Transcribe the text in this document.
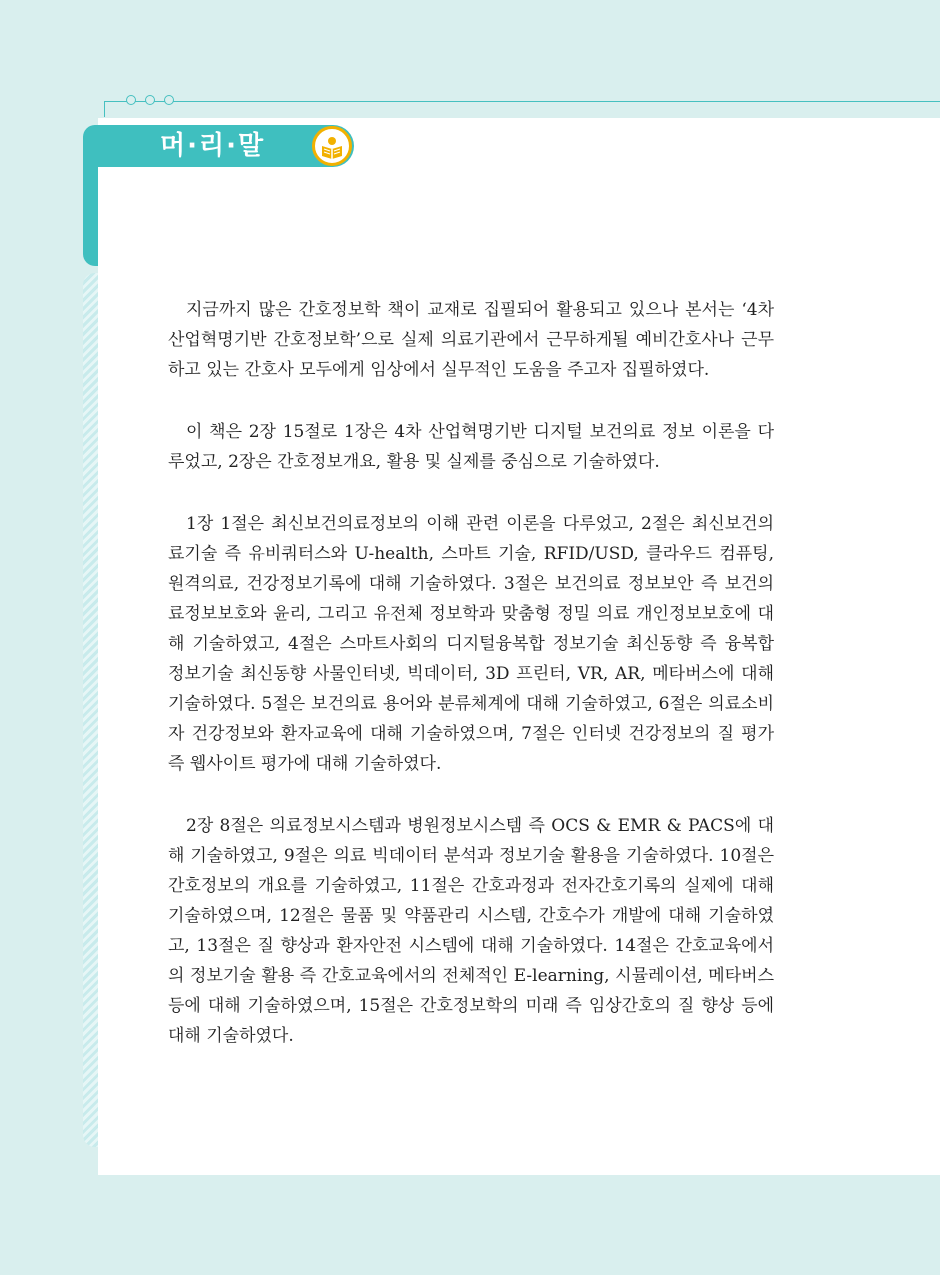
머·리·말

지금까지 많은 간호정보학 책이 교재로 집필되어 활용되고 있으나 본서는 ‘4차 산업혁명기반 간호정보학’으로 실제 의료기관에서 근무하게될 예비간호사나 근무하고 있는 간호사 모두에게 임상에서 실무적인 도움을 주고자 집필하였다.

이 책은 2장 15절로 1장은 4차 산업혁명기반 디지털 보건의료 정보 이론을 다루었고, 2장은 간호정보개요, 활용 및 실제를 중심으로 기술하였다.

1장 1절은 최신보건의료정보의 이해 관련 이론을 다루었고, 2절은 최신보건의료기술 즉 유비쿼터스와 U-health, 스마트 기술, RFID/USD, 클라우드 컴퓨팅, 원격의료, 건강정보기록에 대해 기술하였다. 3절은 보건의료 정보보안 즉 보건의료정보보호와 윤리, 그리고 유전체 정보학과 맞춤형 정밀 의료 개인정보보호에 대해 기술하였고, 4절은 스마트사회의 디지털융복합 정보기술 최신동향 즉 융복합 정보기술 최신동향 사물인터넷, 빅데이터, 3D 프린터, VR, AR, 메타버스에 대해 기술하였다. 5절은 보건의료 용어와 분류체계에 대해 기술하였고, 6절은 의료소비자 건강정보와 환자교육에 대해 기술하였으며, 7절은 인터넷 건강정보의 질 평가 즉 웹사이트 평가에 대해 기술하였다.

2장 8절은 의료정보시스템과 병원정보시스템 즉 OCS & EMR & PACS에 대해 기술하였고, 9절은 의료 빅데이터 분석과 정보기술 활용을 기술하였다. 10절은 간호정보의 개요를 기술하였고, 11절은 간호과정과 전자간호기록의 실제에 대해 기술하였으며, 12절은 물품 및 약품관리 시스템, 간호수가 개발에 대해 기술하였고, 13절은 질 향상과 환자안전 시스템에 대해 기술하였다. 14절은 간호교육에서의 정보기술 활용 즉 간호교육에서의 전체적인 E-learning, 시뮬레이션, 메타버스 등에 대해 기술하였으며, 15절은 간호정보학의 미래 즉 임상간호의 질 향상 등에 대해 기술하였다.
